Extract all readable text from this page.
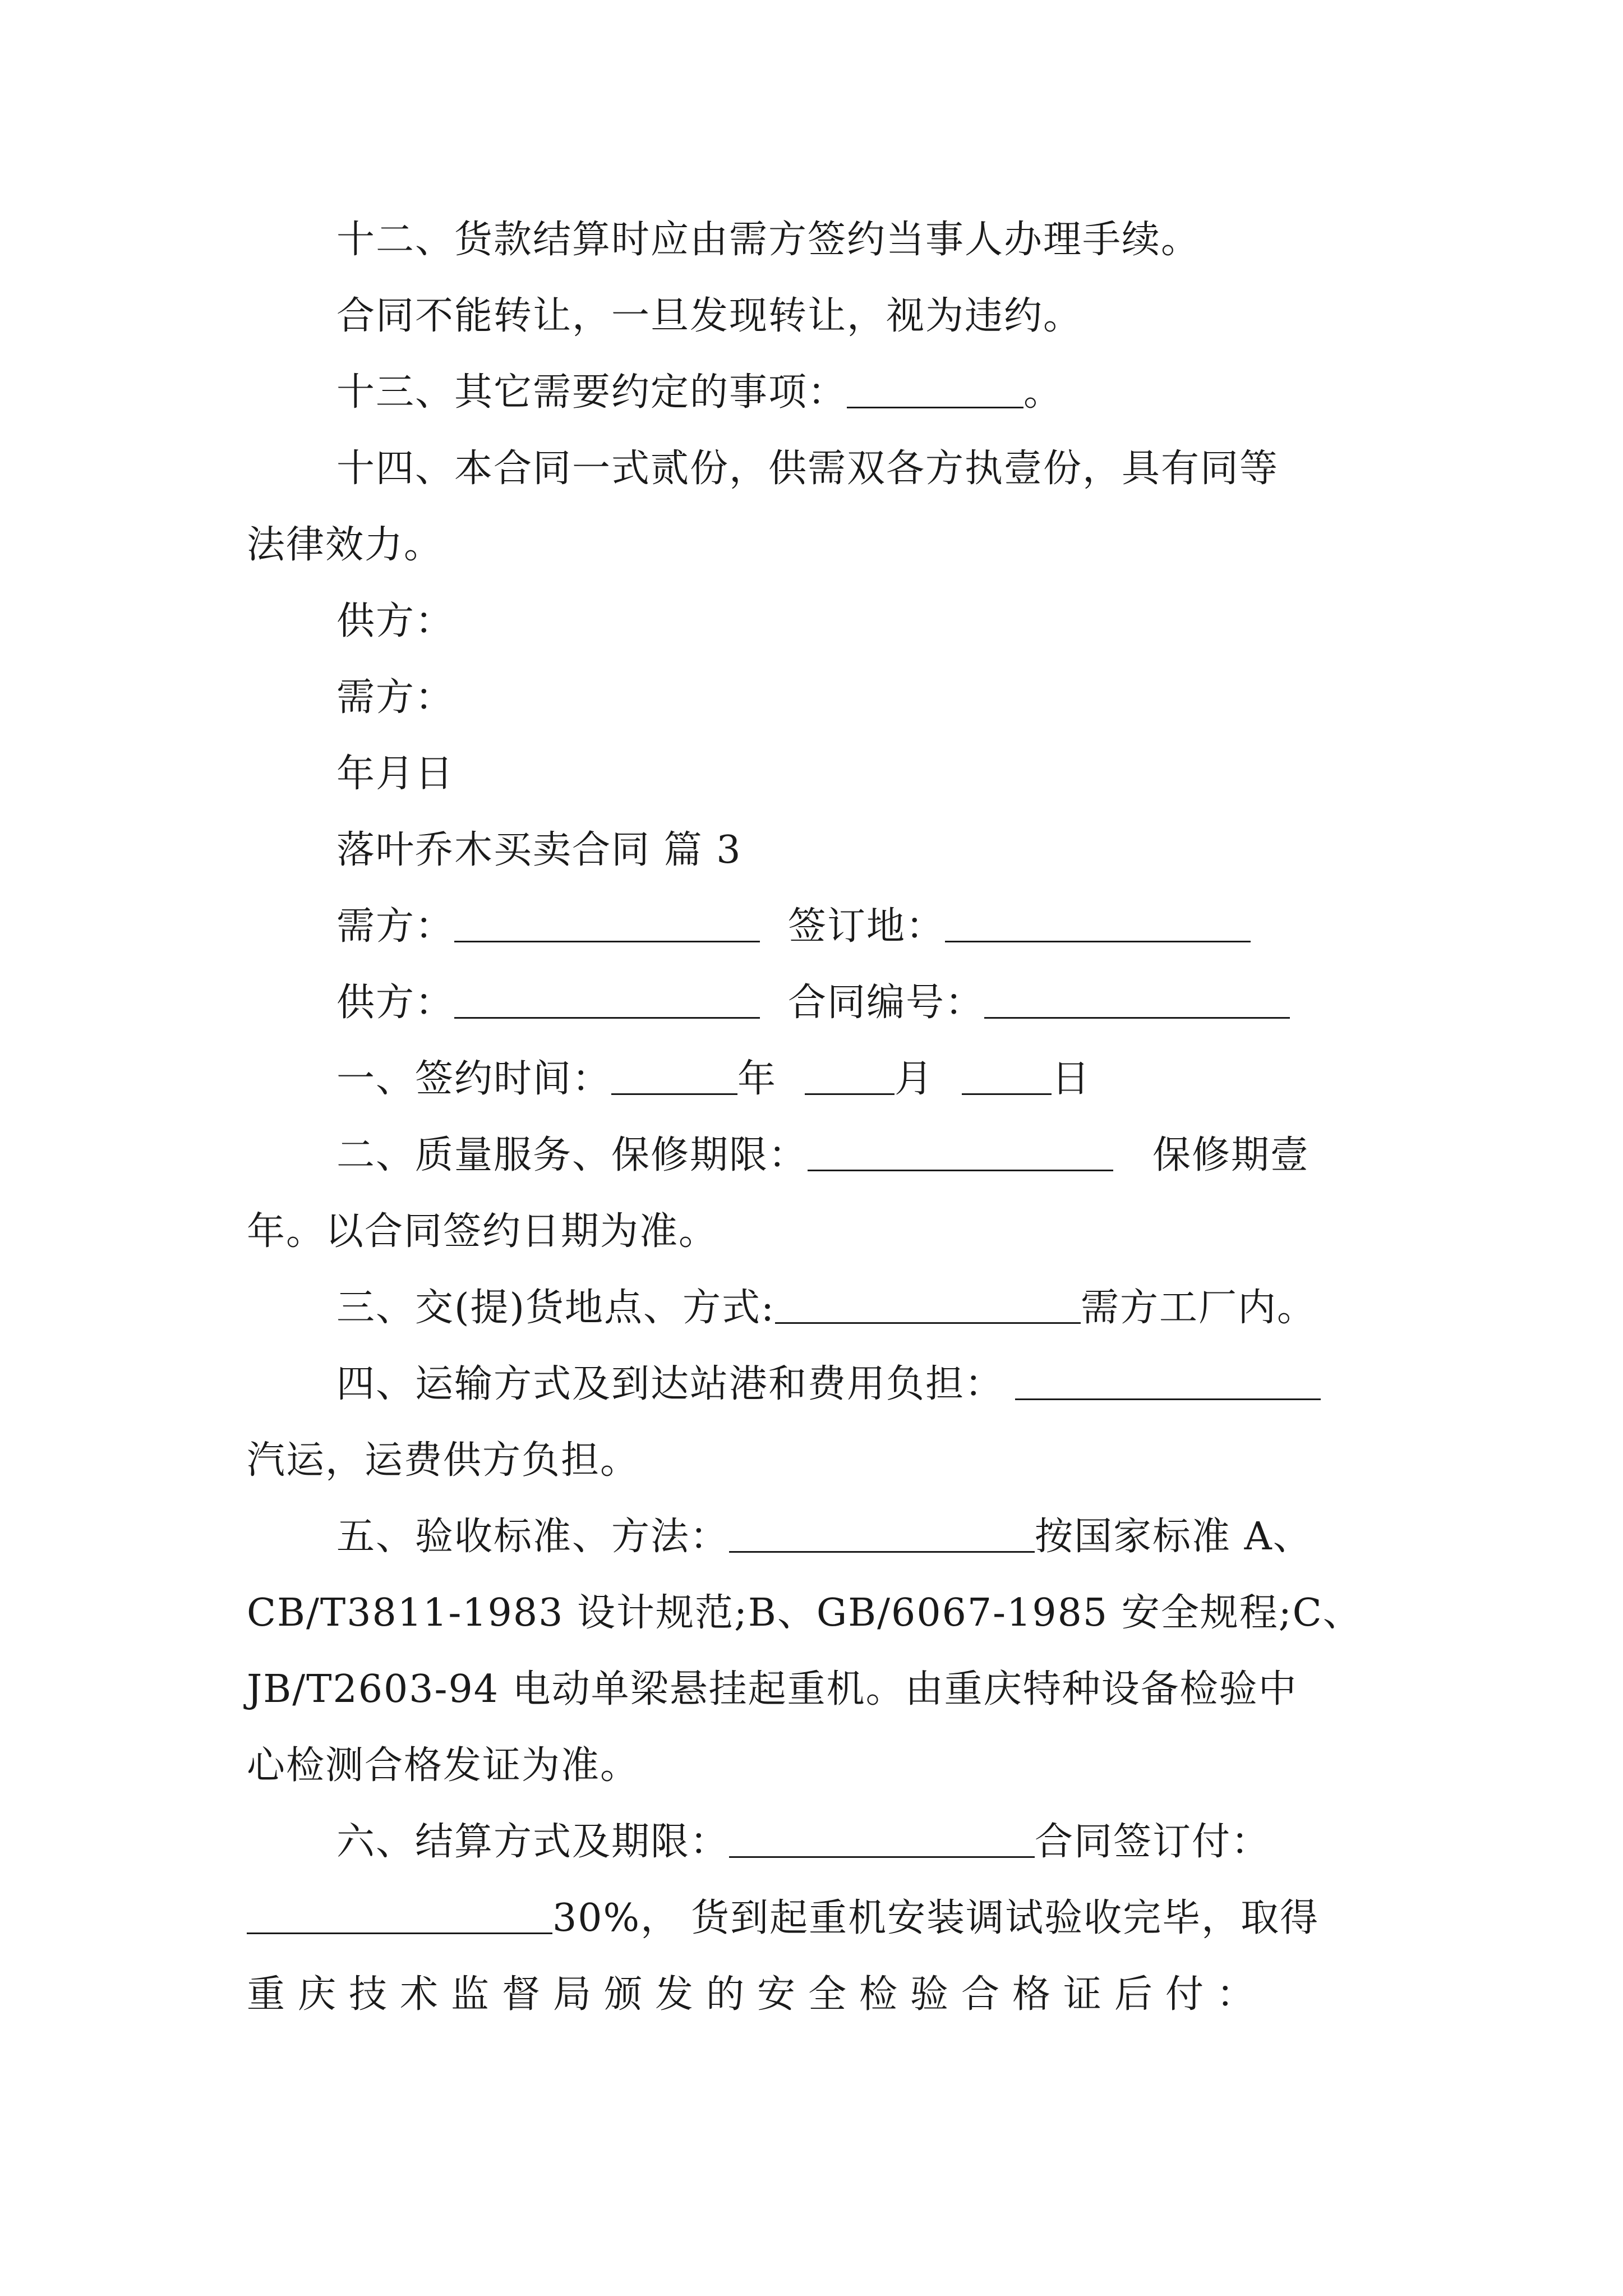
十二、货款结算时应由需方签约当事人办理手续。
合同不能转让，一旦发现转让，视为违约。
十三、其它需要约定的事项：	。
十四、本合同一式贰份，供需双各方执壹份，具有同等
法律效力。
供方：
需方：
年月日
落叶乔木买卖合同 篇 3
需方：	签订地：
供方：	合同编号：
一、签约时间：	年	月	日
二、质量服务、保修期限：	保修期壹
年。以合同签约日期为准。
三、交(提)货地点、方式:	需方工厂内。
四、运输方式及到达站港和费用负担：
汽运，运费供方负担。
五、验收标准、方法：	按国家标准 A、
CB/T3811-1983 设计规范;B、GB/6067-1985 安全规程;C、
JB/T2603-94 电动单梁悬挂起重机。由重庆特种设备检验中
心检测合格发证为准。
六、结算方式及期限：	合同签订付：
30%， 货到起重机安装调试验收完毕，取得
重庆技术监督局颁发的安全检验合格证后付：
